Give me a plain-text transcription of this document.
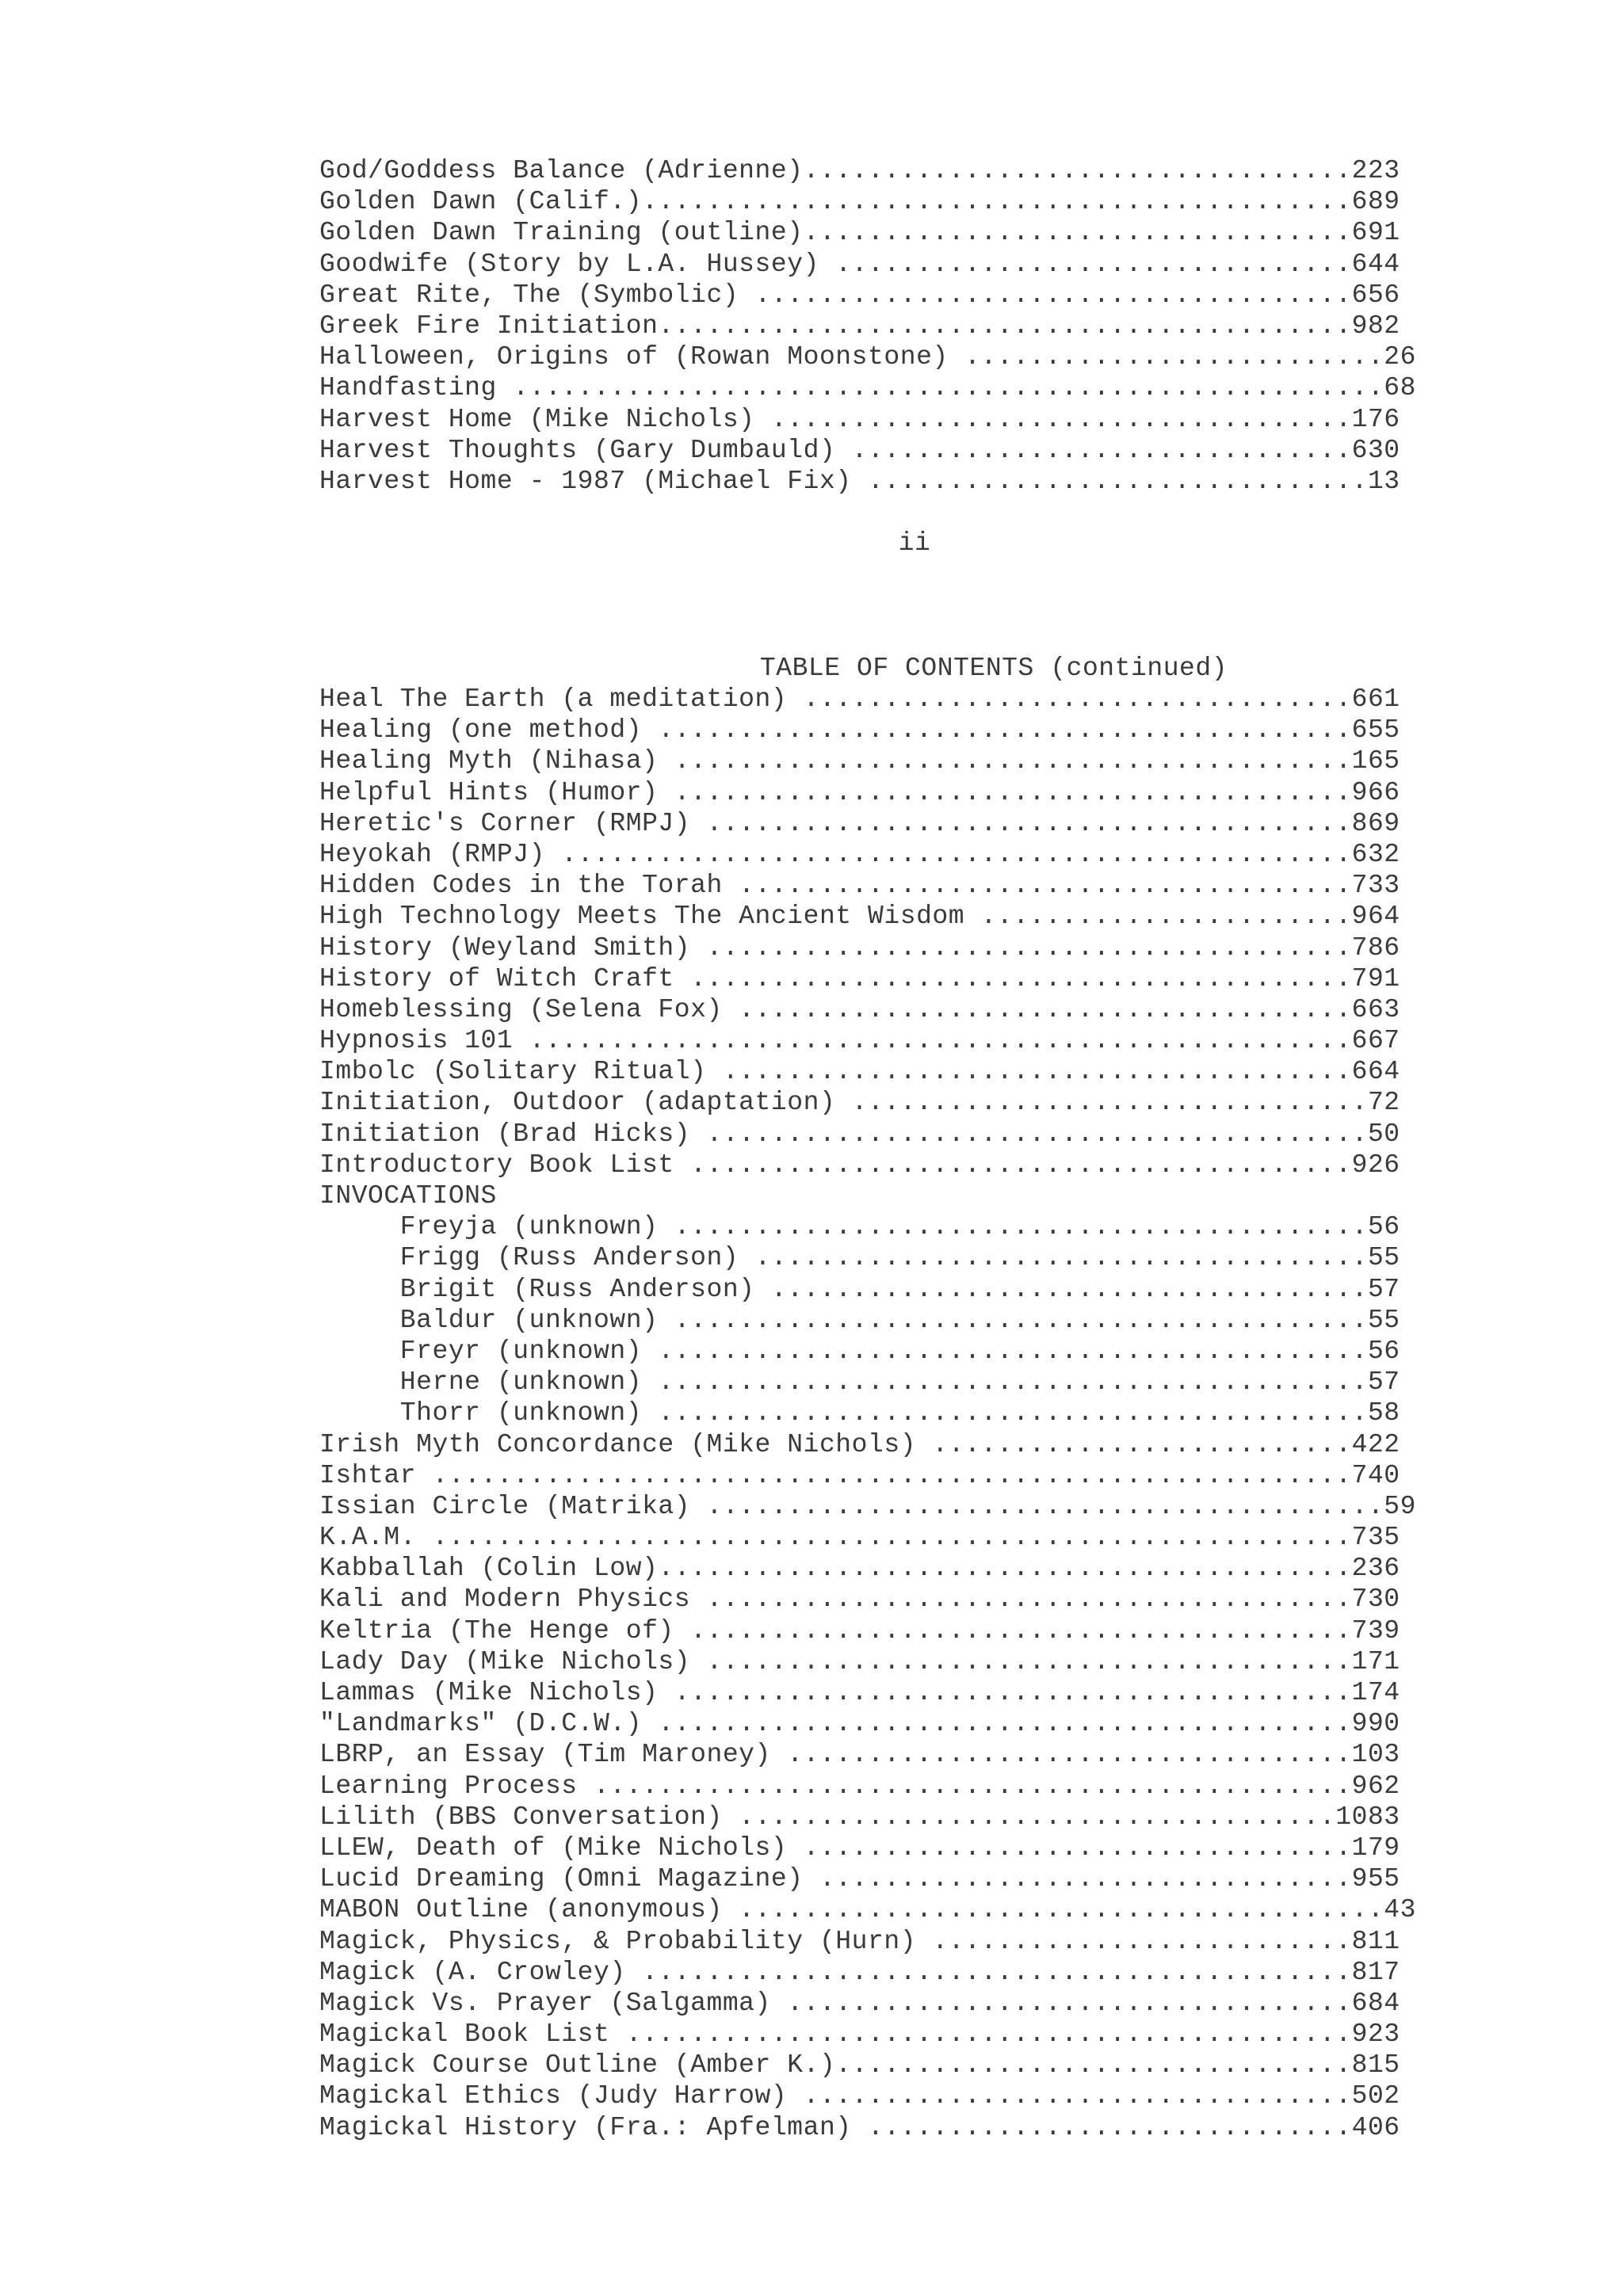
God/Goddess Balance (Adrienne)..................................223
Golden Dawn (Calif.)............................................689
Golden Dawn Training (outline)..................................691
Goodwife (Story by L.A. Hussey) ................................644
Great Rite, The (Symbolic) .....................................656
Greek Fire Initiation...........................................982
Halloween, Origins of (Rowan Moonstone) ..........................26
Handfasting ......................................................68
Harvest Home (Mike Nichols) ....................................176
Harvest Thoughts (Gary Dumbauld) ...............................630
Harvest Home - 1987 (Michael Fix) ...............................13
ii
TABLE OF CONTENTS (continued)
Heal The Earth (a meditation) ..................................661
Healing (one method) ...........................................655
Healing Myth (Nihasa) ..........................................165
Helpful Hints (Humor) ..........................................966
Heretic's Corner (RMPJ) ........................................869
Heyokah (RMPJ) .................................................632
Hidden Codes in the Torah ......................................733
High Technology Meets The Ancient Wisdom .......................964
History (Weyland Smith) ........................................786
History of Witch Craft .........................................791
Homeblessing (Selena Fox) ......................................663
Hypnosis 101 ...................................................667
Imbolc (Solitary Ritual) .......................................664
Initiation, Outdoor (adaptation) ................................72
Initiation (Brad Hicks) .........................................50
Introductory Book List .........................................926
INVOCATIONS
Freyja (unknown) ...........................................56
Frigg (Russ Anderson) ......................................55
Brigit (Russ Anderson) .....................................57
Baldur (unknown) ...........................................55
Freyr (unknown) ............................................56
Herne (unknown) ............................................57
Thorr (unknown) ............................................58
Irish Myth Concordance (Mike Nichols) ..........................422
Ishtar .........................................................740
Issian Circle (Matrika) ..........................................59
K.A.M. .........................................................735
Kabballah (Colin Low)...........................................236
Kali and Modern Physics ........................................730
Keltria (The Henge of) .........................................739
Lady Day (Mike Nichols) ........................................171
Lammas (Mike Nichols) ..........................................174
"Landmarks" (D.C.W.) ...........................................990
LBRP, an Essay (Tim Maroney) ...................................103
Learning Process ...............................................962
Lilith (BBS Conversation) .....................................1083
LLEW, Death of (Mike Nichols) ..................................179
Lucid Dreaming (Omni Magazine) .................................955
MABON Outline (anonymous) ........................................43
Magick, Physics, & Probability (Hurn) ..........................811
Magick (A. Crowley) ............................................817
Magick Vs. Prayer (Salgamma) ...................................684
Magickal Book List .............................................923
Magick Course Outline (Amber K.)................................815
Magickal Ethics (Judy Harrow) ..................................502
Magickal History (Fra.: Apfelman) ..............................406
